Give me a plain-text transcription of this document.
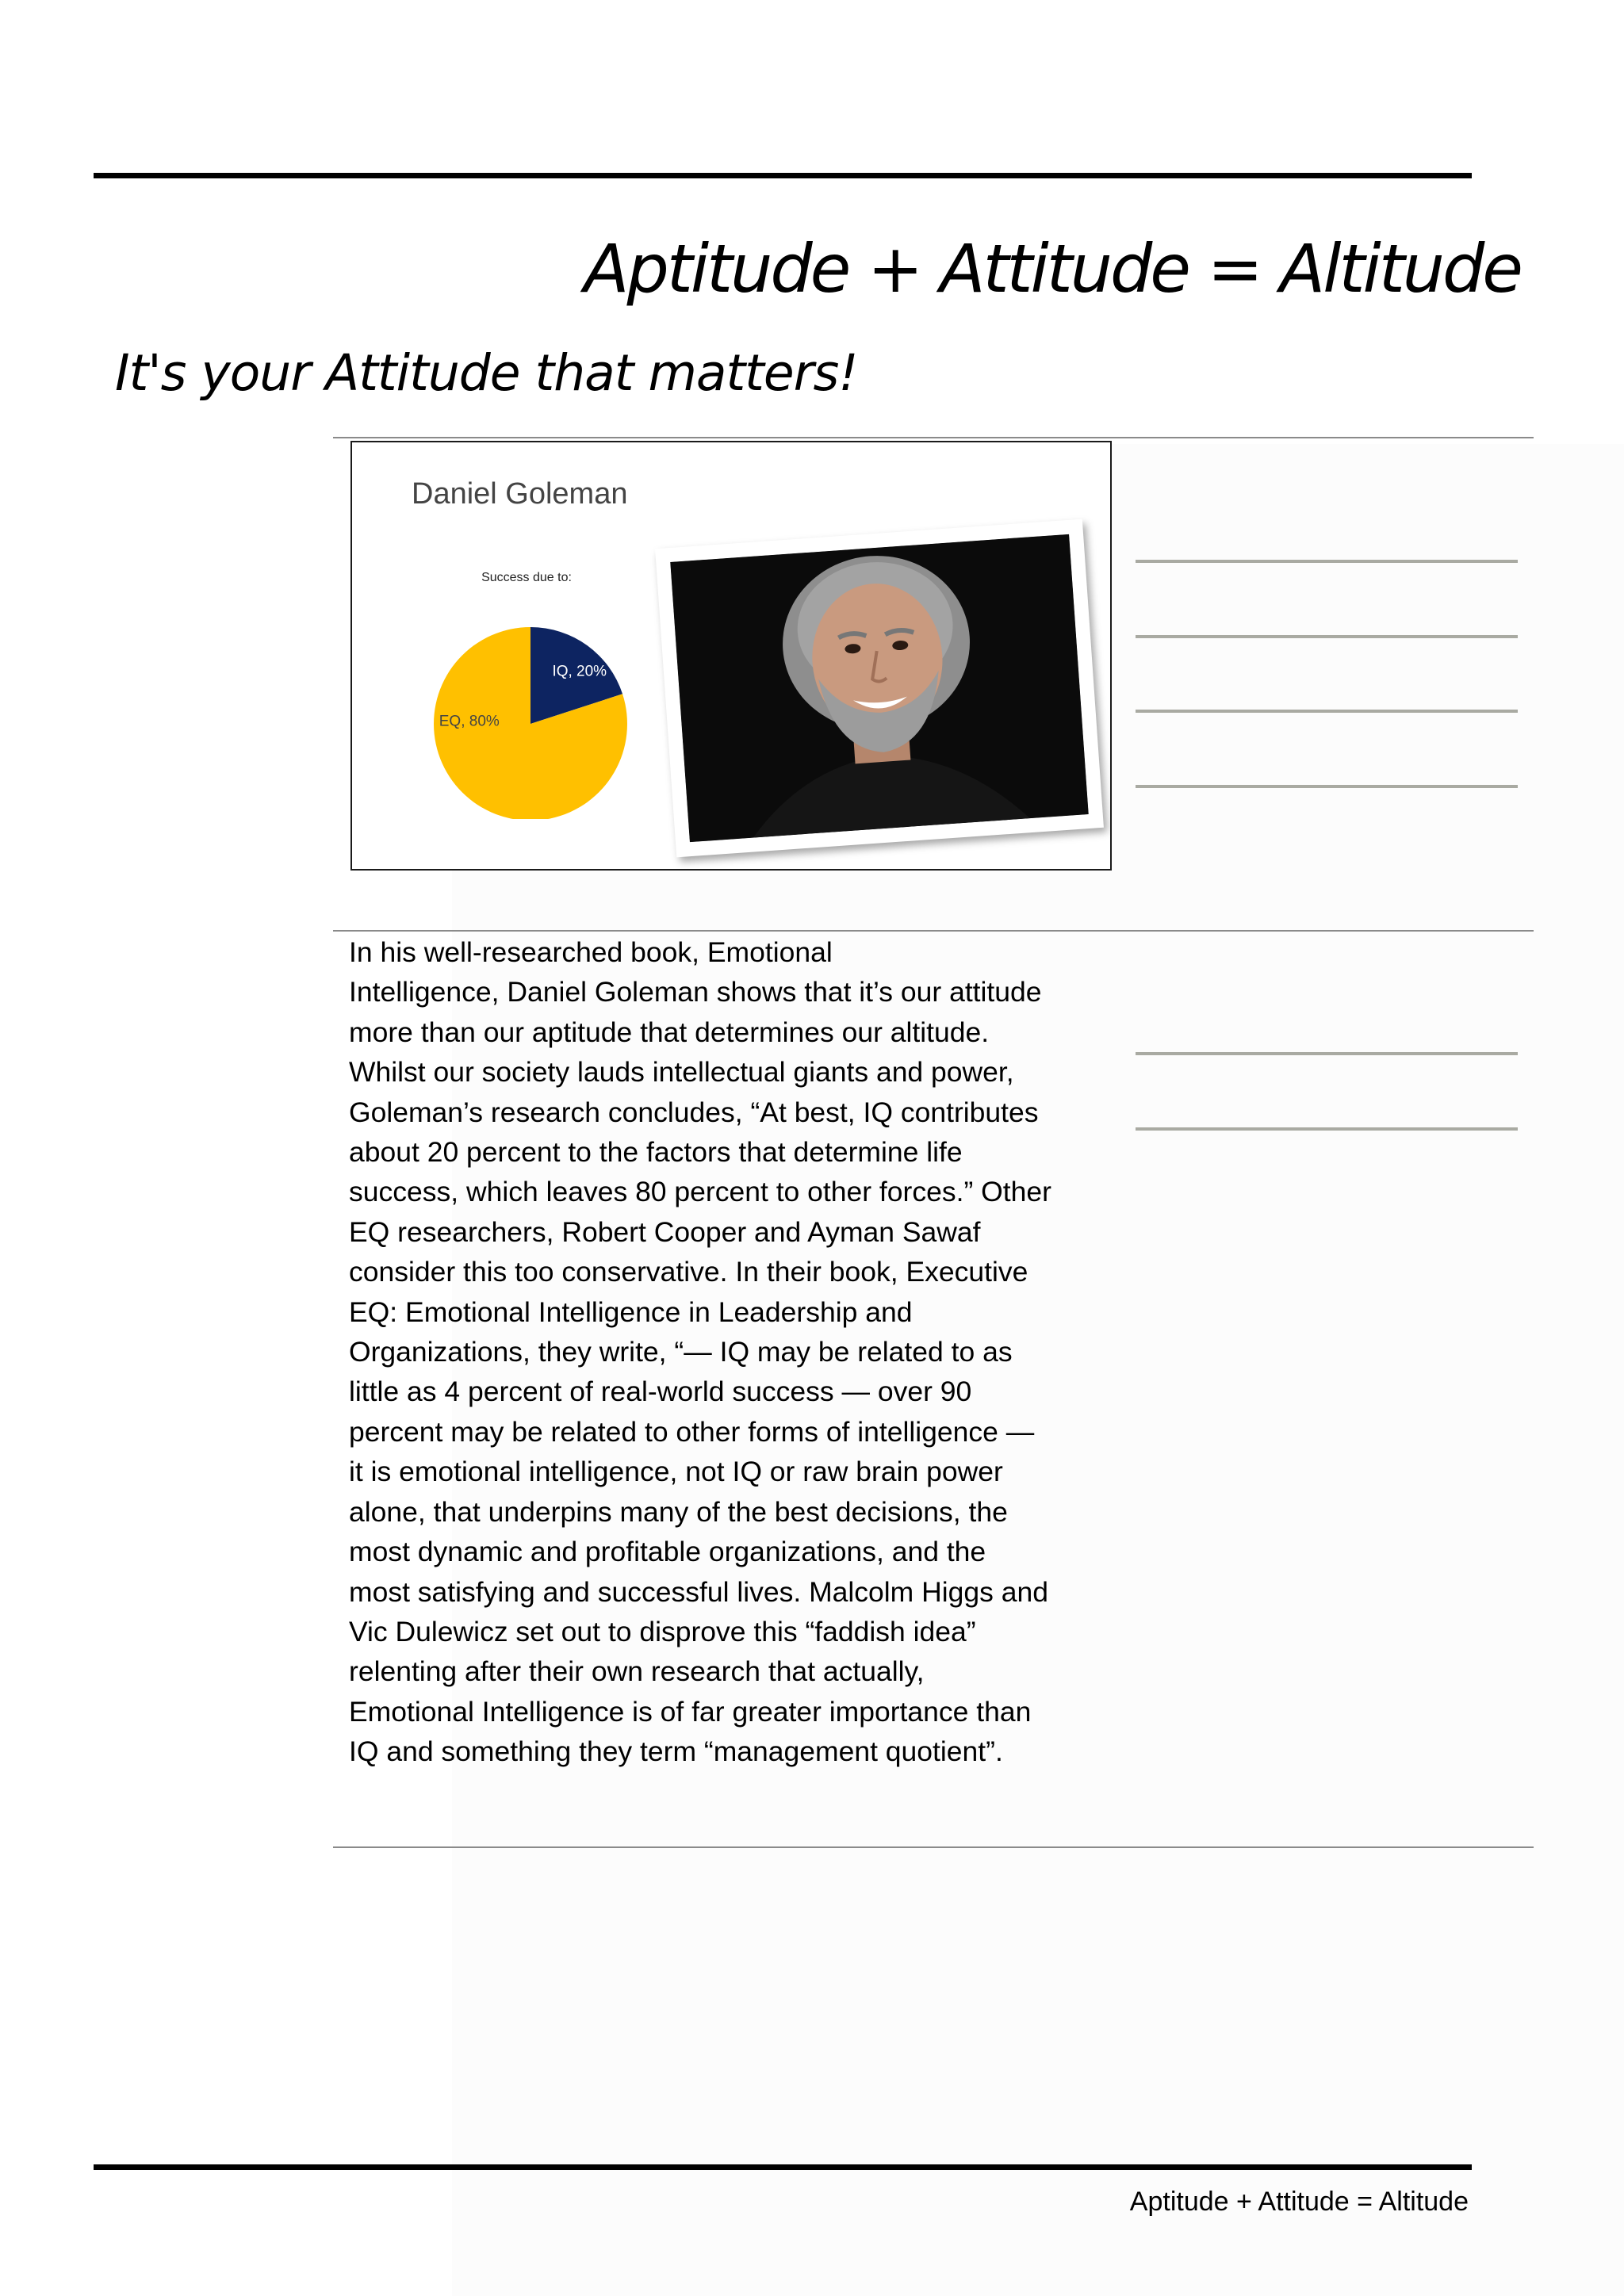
Aptitude + Attitude = Altitude
It's your Attitude that matters!
Daniel Goleman
Success due to:
IQ, 20%
EQ, 80%
In his well-researched book, Emotional
Intelligence, Daniel Goleman shows that it’s our attitude
more than our aptitude that determines our altitude.
Whilst our society lauds intellectual giants and power,
Goleman’s research concludes, “At best, IQ contributes
about 20 percent to the factors that determine life
success, which leaves 80 percent to other forces.” Other
EQ researchers, Robert Cooper and Ayman Sawaf
consider this too conservative. In their book, Executive
EQ: Emotional Intelligence in Leadership and
Organizations, they write, “— IQ may be related to as
little as 4 percent of real-world success — over 90
percent may be related to other forms of intelligence —
it is emotional intelligence, not IQ or raw brain power
alone, that underpins many of the best decisions, the
most dynamic and profitable organizations, and the
most satisfying and successful lives. Malcolm Higgs and
Vic Dulewicz set out to disprove this “faddish idea”
relenting after their own research that actually,
Emotional Intelligence is of far greater importance than
IQ and something they term “management quotient”.
Aptitude + Attitude = Altitude
